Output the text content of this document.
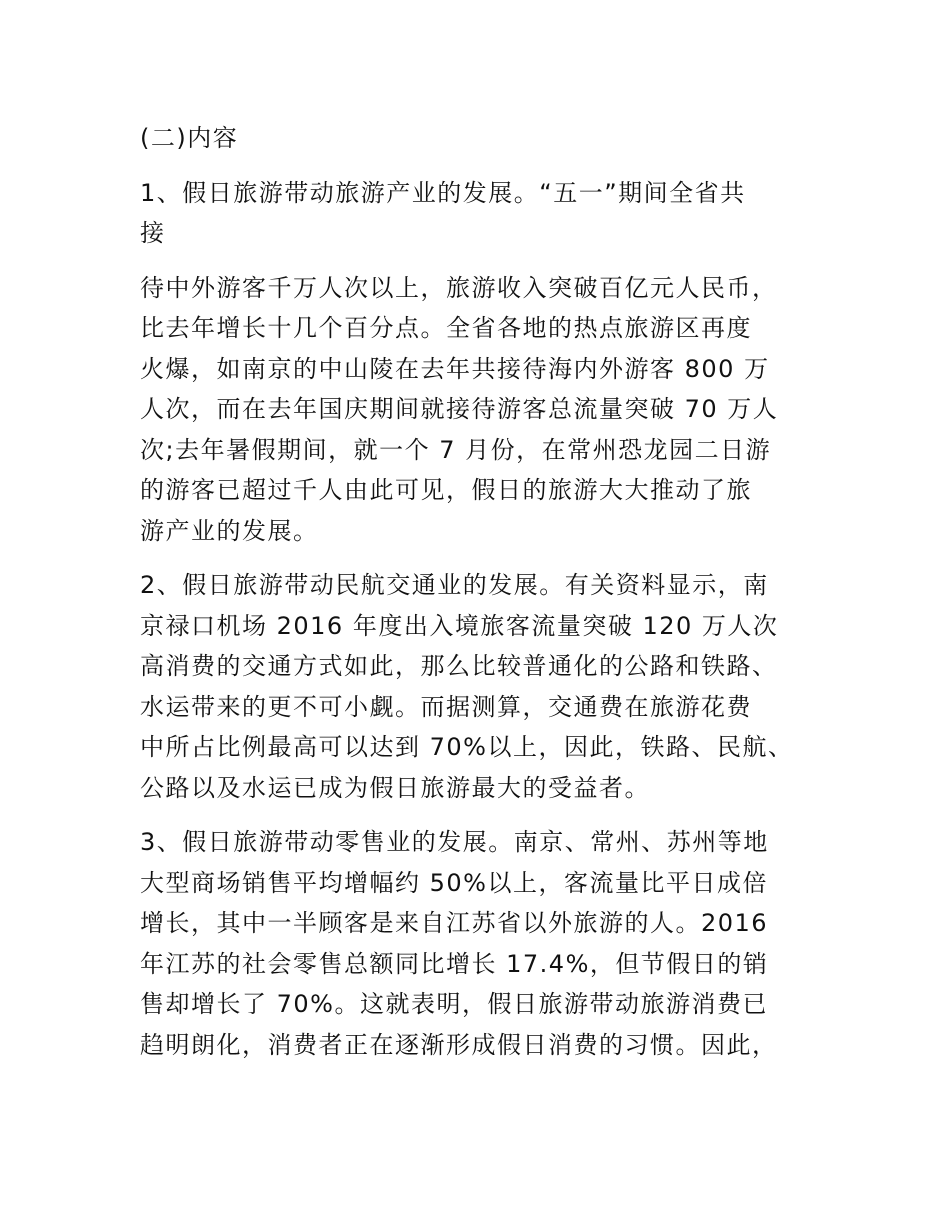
(二)内容
1、假日旅游带动旅游产业的发展。“五一”期间全省共
接
待中外游客千万人次以上，旅游收入突破百亿元人民币，
比去年增长十几个百分点。全省各地的热点旅游区再度
火爆，如南京的中山陵在去年共接待海内外游客 800 万
人次，而在去年国庆期间就接待游客总流量突破 70 万人
次;去年暑假期间，就一个 7 月份，在常州恐龙园二日游
的游客已超过千人由此可见，假日的旅游大大推动了旅
游产业的发展。
2、假日旅游带动民航交通业的发展。有关资料显示，南
京禄口机场 2016 年度出入境旅客流量突破 120 万人次
高消费的交通方式如此，那么比较普通化的公路和铁路、
水运带来的更不可小觑。而据测算，交通费在旅游花费
中所占比例最高可以达到 70%以上，因此，铁路、民航、
公路以及水运已成为假日旅游最大的受益者。
3、假日旅游带动零售业的发展。南京、常州、苏州等地
大型商场销售平均增幅约 50%以上，客流量比平日成倍
增长，其中一半顾客是来自江苏省以外旅游的人。2016
年江苏的社会零售总额同比增长 17.4%，但节假日的销
售却增长了 70%。这就表明，假日旅游带动旅游消费已
趋明朗化，消费者正在逐渐形成假日消费的习惯。因此，
